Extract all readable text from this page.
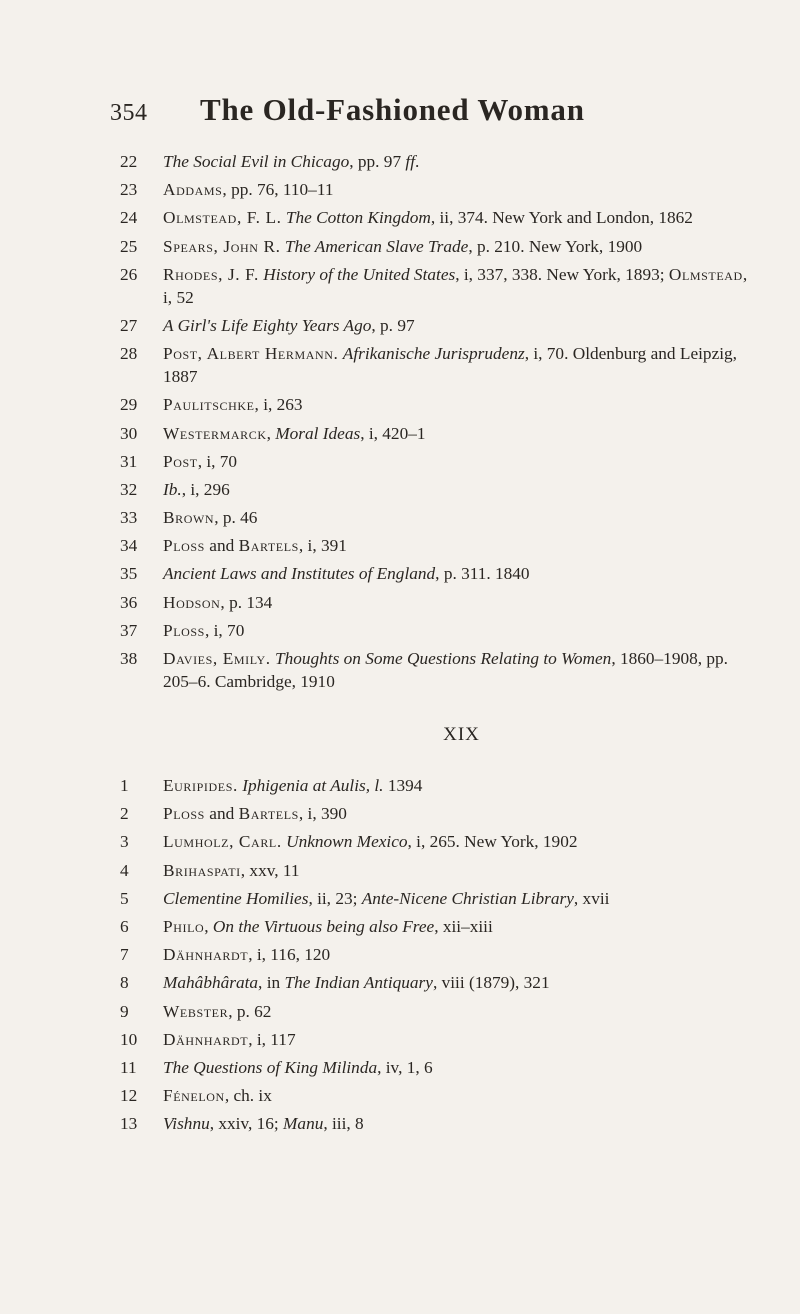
354	The Old-Fashioned Woman
22	The Social Evil in Chicago, pp. 97 ff.
23	Addams, pp. 76, 110–11
24	Olmstead, F. L. The Cotton Kingdom, ii, 374. New York and London, 1862
25	Spears, John R. The American Slave Trade, p. 210. New York, 1900
26	Rhodes, J. F. History of the United States, i, 337, 338. New York, 1893; Olmstead, i, 52
27	A Girl's Life Eighty Years Ago, p. 97
28	Post, Albert Hermann. Afrikanische Jurisprudenz, i, 70. Oldenburg and Leipzig, 1887
29	Paulitschke, i, 263
30	Westermarck, Moral Ideas, i, 420–1
31	Post, i, 70
32	Ib., i, 296
33	Brown, p. 46
34	Ploss and Bartels, i, 391
35	Ancient Laws and Institutes of England, p. 311. 1840
36	Hodson, p. 134
37	Ploss, i, 70
38	Davies, Emily. Thoughts on Some Questions Relating to Women, 1860–1908, pp. 205–6. Cambridge, 1910
XIX
1	Euripides. Iphigenia at Aulis, l. 1394
2	Ploss and Bartels, i, 390
3	Lumholz, Carl. Unknown Mexico, i, 265. New York, 1902
4	Brihaspati, xxv, 11
5	Clementine Homilies, ii, 23; Ante-Nicene Christian Library, xvii
6	Philo, On the Virtuous being also Free, xii–xiii
7	Dähnhardt, i, 116, 120
8	Mahâbhârata, in The Indian Antiquary, viii (1879), 321
9	Webster, p. 62
10	Dähnhardt, i, 117
11	The Questions of King Milinda, iv, 1, 6
12	Fénelon, ch. ix
13	Vishnu, xxiv, 16; Manu, iii, 8
